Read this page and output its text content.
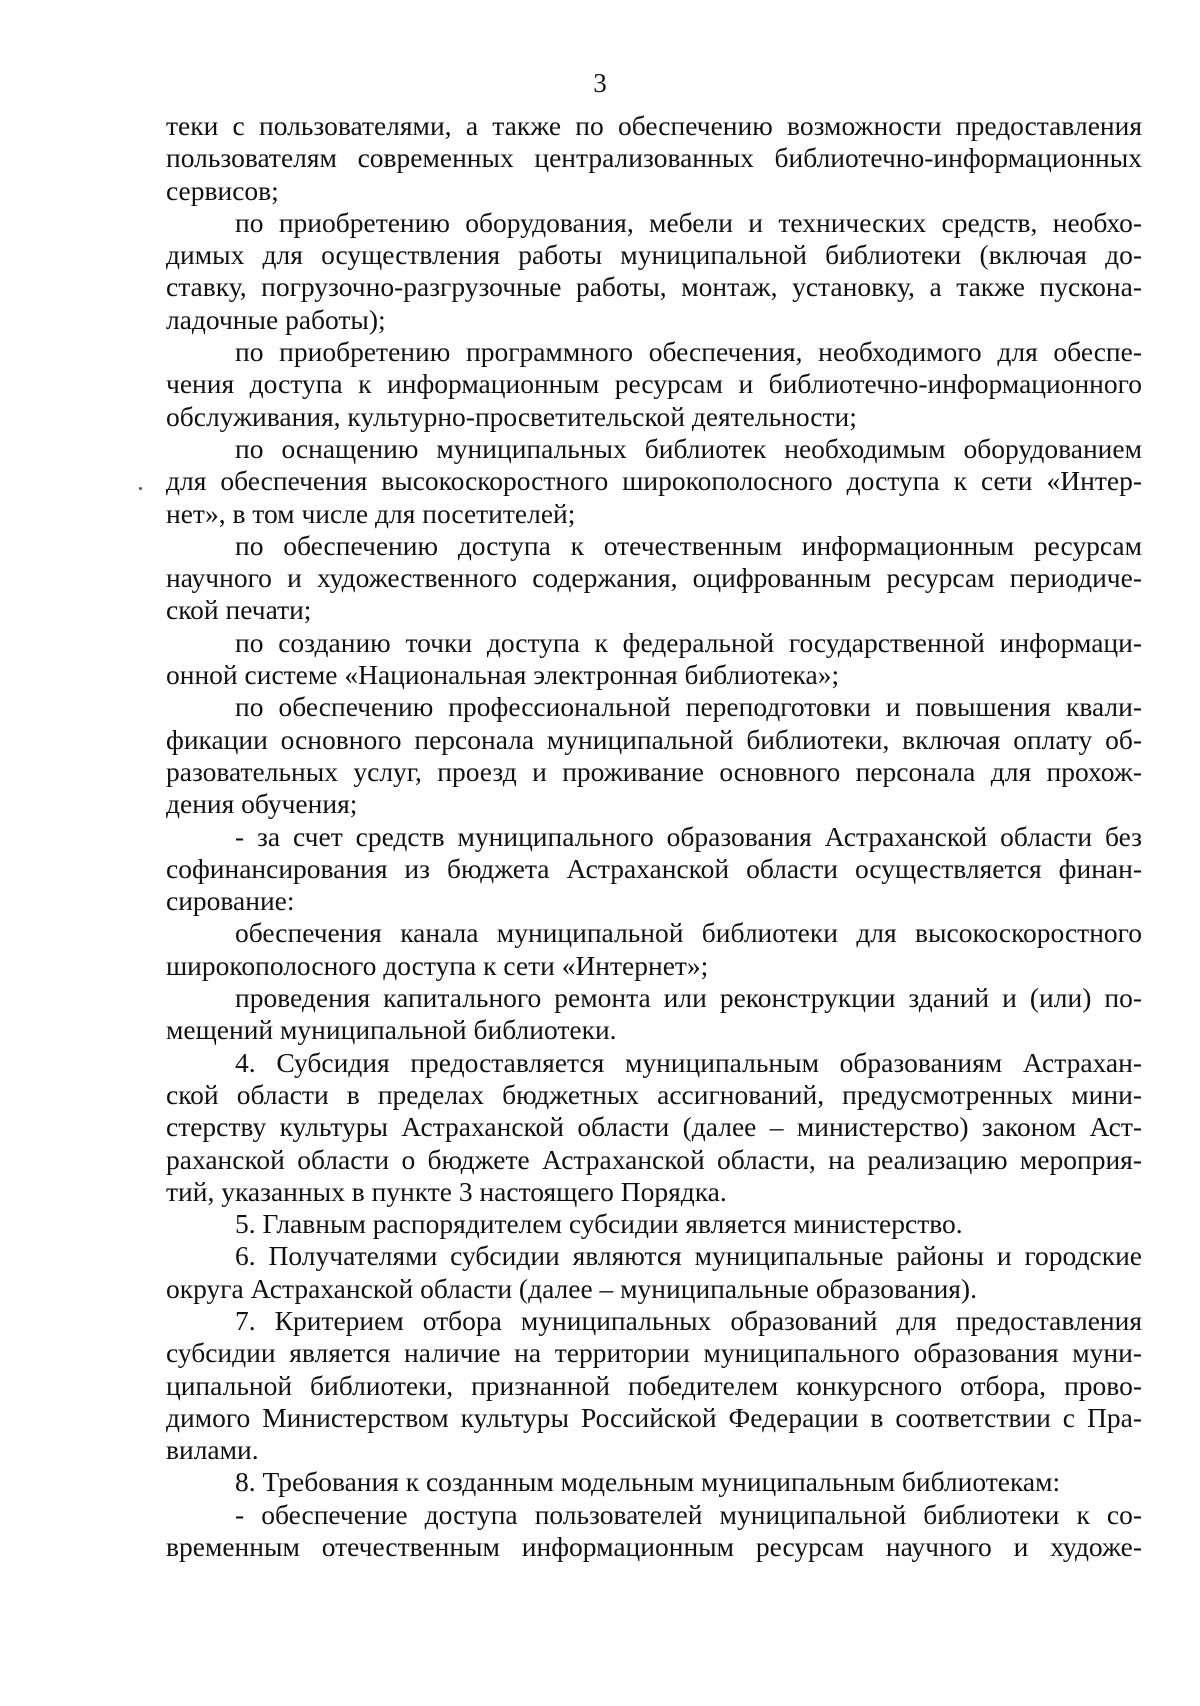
3
теки с пользователями, а также по обеспечению возможности предоставления
пользователям современных централизованных библиотечно-информационных
сервисов;
по приобретению оборудования, мебели и технических средств, необхо-
димых для осуществления работы муниципальной библиотеки (включая до-
ставку, погрузочно-разгрузочные работы, монтаж, установку, а также пускона-
ладочные работы);
по приобретению программного обеспечения, необходимого для обеспе-
чения доступа к информационным ресурсам и библиотечно-информационного
обслуживания, культурно-просветительской деятельности;
по оснащению муниципальных библиотек необходимым оборудованием
для обеспечения высокоскоростного широкополосного доступа к сети «Интер-
нет», в том числе для посетителей;
по обеспечению доступа к отечественным информационным ресурсам
научного и художественного содержания, оцифрованным ресурсам периодиче-
ской печати;
по созданию точки доступа к федеральной государственной информаци-
онной системе «Национальная электронная библиотека»;
по обеспечению профессиональной переподготовки и повышения квали-
фикации основного персонала муниципальной библиотеки, включая оплату об-
разовательных услуг, проезд и проживание основного персонала для прохож-
дения обучения;
- за счет средств муниципального образования Астраханской области без
софинансирования из бюджета Астраханской области осуществляется финан-
сирование:
обеспечения канала муниципальной библиотеки для высокоскоростного
широкополосного доступа к сети «Интернет»;
проведения капитального ремонта или реконструкции зданий и (или) по-
мещений муниципальной библиотеки.
4. Субсидия предоставляется муниципальным образованиям Астрахан-
ской области в пределах бюджетных ассигнований, предусмотренных мини-
стерству культуры Астраханской области (далее – министерство) законом Аст-
раханской области о бюджете Астраханской области, на реализацию мероприя-
тий, указанных в пункте 3 настоящего Порядка.
5. Главным распорядителем субсидии является министерство.
6. Получателями субсидии являются муниципальные районы и городские
округа Астраханской области (далее – муниципальные образования).
7. Критерием отбора муниципальных образований для предоставления
субсидии является наличие на территории муниципального образования муни-
ципальной библиотеки, признанной победителем конкурсного отбора, прово-
димого Министерством культуры Российской Федерации в соответствии с Пра-
вилами.
8. Требования к созданным модельным муниципальным библиотекам:
- обеспечение доступа пользователей муниципальной библиотеки к со-
временным отечественным информационным ресурсам научного и художе-
